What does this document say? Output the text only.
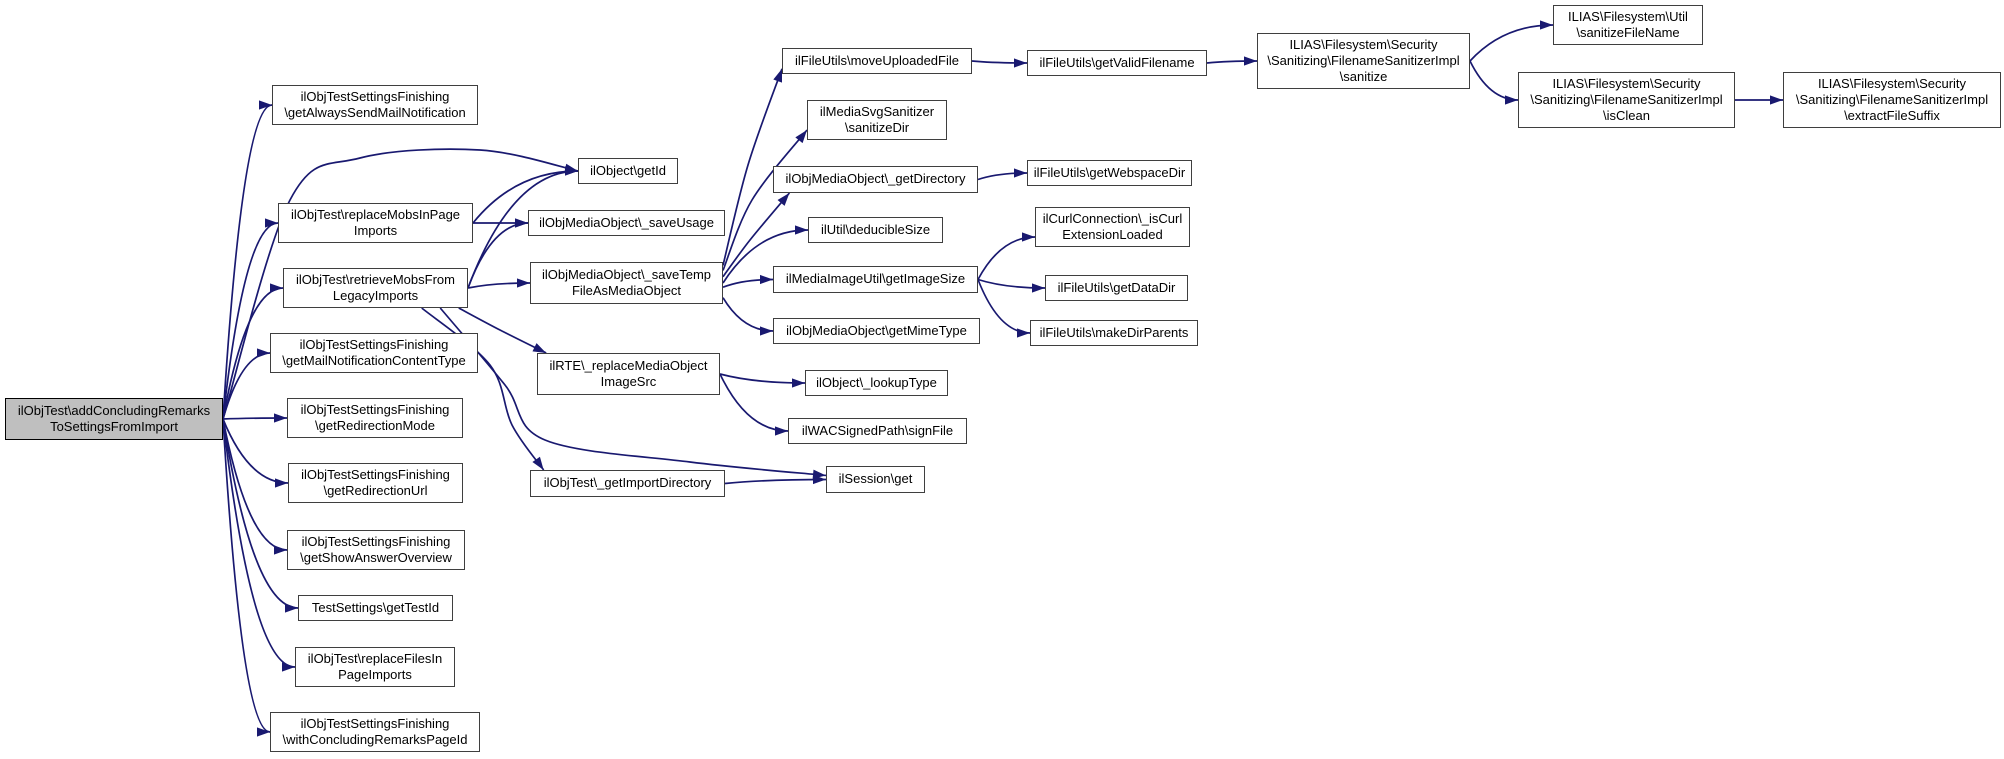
ilObjTest\addConcludingRemarks
ToSettingsFromImport
ilObjTestSettingsFinishing
\getAlwaysSendMailNotification
ilObjTest\replaceMobsInPage
Imports
ilObjTest\retrieveMobsFrom
LegacyImports
ilObjTestSettingsFinishing
\getMailNotificationContentType
ilObjTestSettingsFinishing
\getRedirectionMode
ilObjTestSettingsFinishing
\getRedirectionUrl
ilObjTestSettingsFinishing
\getShowAnswerOverview
TestSettings\getTestId
ilObjTest\replaceFilesIn
PageImports
ilObjTestSettingsFinishing
\withConcludingRemarksPageId
ilObject\getId
ilObjMediaObject\_saveUsage
ilObjMediaObject\_saveTemp
FileAsMediaObject
ilRTE\_replaceMediaObject
ImageSrc
ilObjTest\_getImportDirectory	ilSession\get
ilObject\_lookupType
ilWACSignedPath\signFile
ilFileUtils\moveUploadedFile
ilMediaSvgSanitizer
\sanitizeDir
ilObjMediaObject\_getDirectory
ilUtil\deducibleSize
ilMediaImageUtil\getImageSize
ilObjMediaObject\getMimeType
ilFileUtils\getWebspaceDir
ilCurlConnection\_isCurl
ExtensionLoaded
ilFileUtils\getDataDir
ilFileUtils\makeDirParents
ilFileUtils\getValidFilename
ILIAS\Filesystem\Security
\Sanitizing\FilenameSanitizerImpl
\sanitize
ILIAS\Filesystem\Util
\sanitizeFileName
ILIAS\Filesystem\Security
\Sanitizing\FilenameSanitizerImpl
\isClean
ILIAS\Filesystem\Security
\Sanitizing\FilenameSanitizerImpl
\extractFileSuffix
